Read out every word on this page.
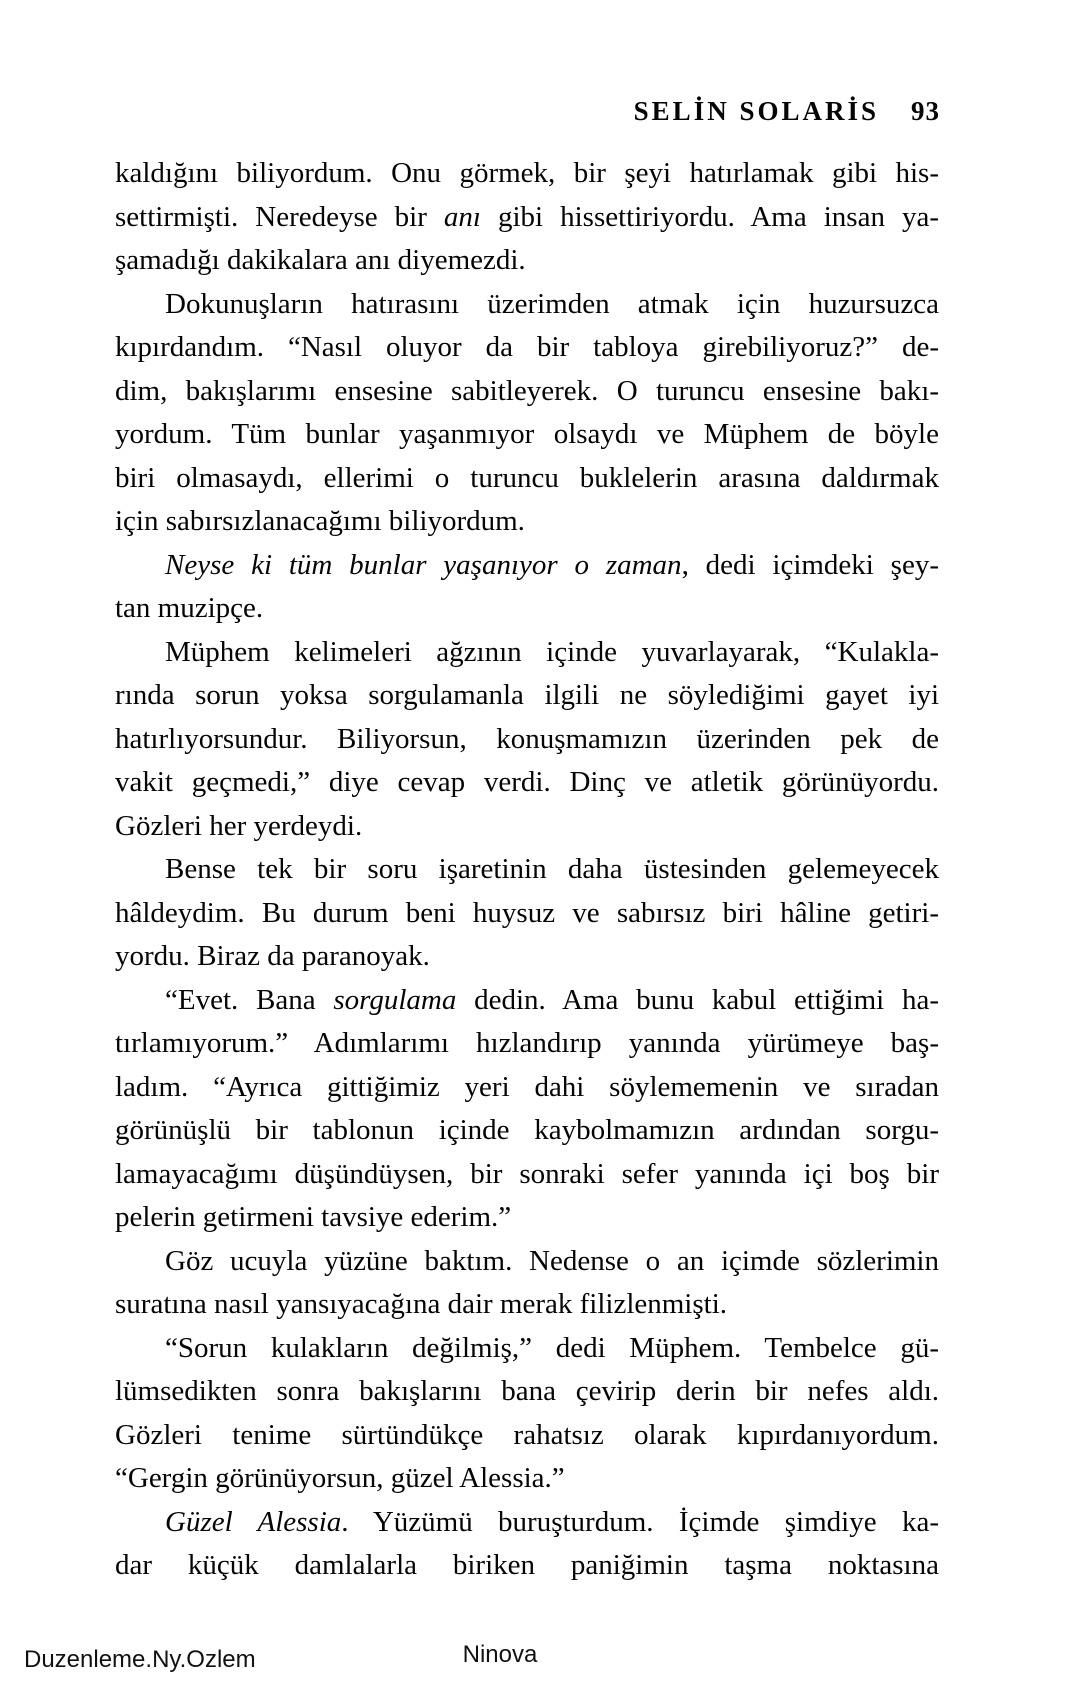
SELİN SOLARİS 93
kaldığını biliyordum. Onu görmek, bir şeyi hatırlamak gibi his-
settirmişti. Neredeyse bir anı gibi hissettiriyordu. Ama insan ya-
şamadığı dakikalara anı diyemezdi.
Dokunuşların hatırasını üzerimden atmak için huzursuzca
kıpırdandım. “Nasıl oluyor da bir tabloya girebiliyoruz?” de-
dim, bakışlarımı ensesine sabitleyerek. O turuncu ensesine bakı-
yordum. Tüm bunlar yaşanmıyor olsaydı ve Müphem de böyle
biri olmasaydı, ellerimi o turuncu buklelerin arasına daldırmak
için sabırsızlanacağımı biliyordum.
Neyse ki tüm bunlar yaşanıyor o zaman, dedi içimdeki şey-
tan muzipçe.
Müphem kelimeleri ağzının içinde yuvarlayarak, “Kulakla-
rında sorun yoksa sorgulamanla ilgili ne söylediğimi gayet iyi
hatırlıyorsundur. Biliyorsun, konuşmamızın üzerinden pek de
vakit geçmedi,” diye cevap verdi. Dinç ve atletik görünüyordu.
Gözleri her yerdeydi.
Bense tek bir soru işaretinin daha üstesinden gelemeyecek
hâldeydim. Bu durum beni huysuz ve sabırsız biri hâline getiri-
yordu. Biraz da paranoyak.
“Evet. Bana sorgulama dedin. Ama bunu kabul ettiğimi ha-
tırlamıyorum.” Adımlarımı hızlandırıp yanında yürümeye baş-
ladım. “Ayrıca gittiğimiz yeri dahi söylememenin ve sıradan
görünüşlü bir tablonun içinde kaybolmamızın ardından sorgu-
lamayacağımı düşündüysen, bir sonraki sefer yanında içi boş bir
pelerin getirmeni tavsiye ederim.”
Göz ucuyla yüzüne baktım. Nedense o an içimde sözlerimin
suratına nasıl yansıyacağına dair merak filizlenmişti.
“Sorun kulakların değilmiş,” dedi Müphem. Tembelce gü-
lümsedikten sonra bakışlarını bana çevirip derin bir nefes aldı.
Gözleri tenime sürtündükçe rahatsız olarak kıpırdanıyordum.
“Gergin görünüyorsun, güzel Alessia.”
Güzel Alessia. Yüzümü buruşturdum. İçimde şimdiye ka-
dar küçük damlalarla biriken paniğimin taşma noktasına
Ninova
Duzenleme.Ny.Ozlem
